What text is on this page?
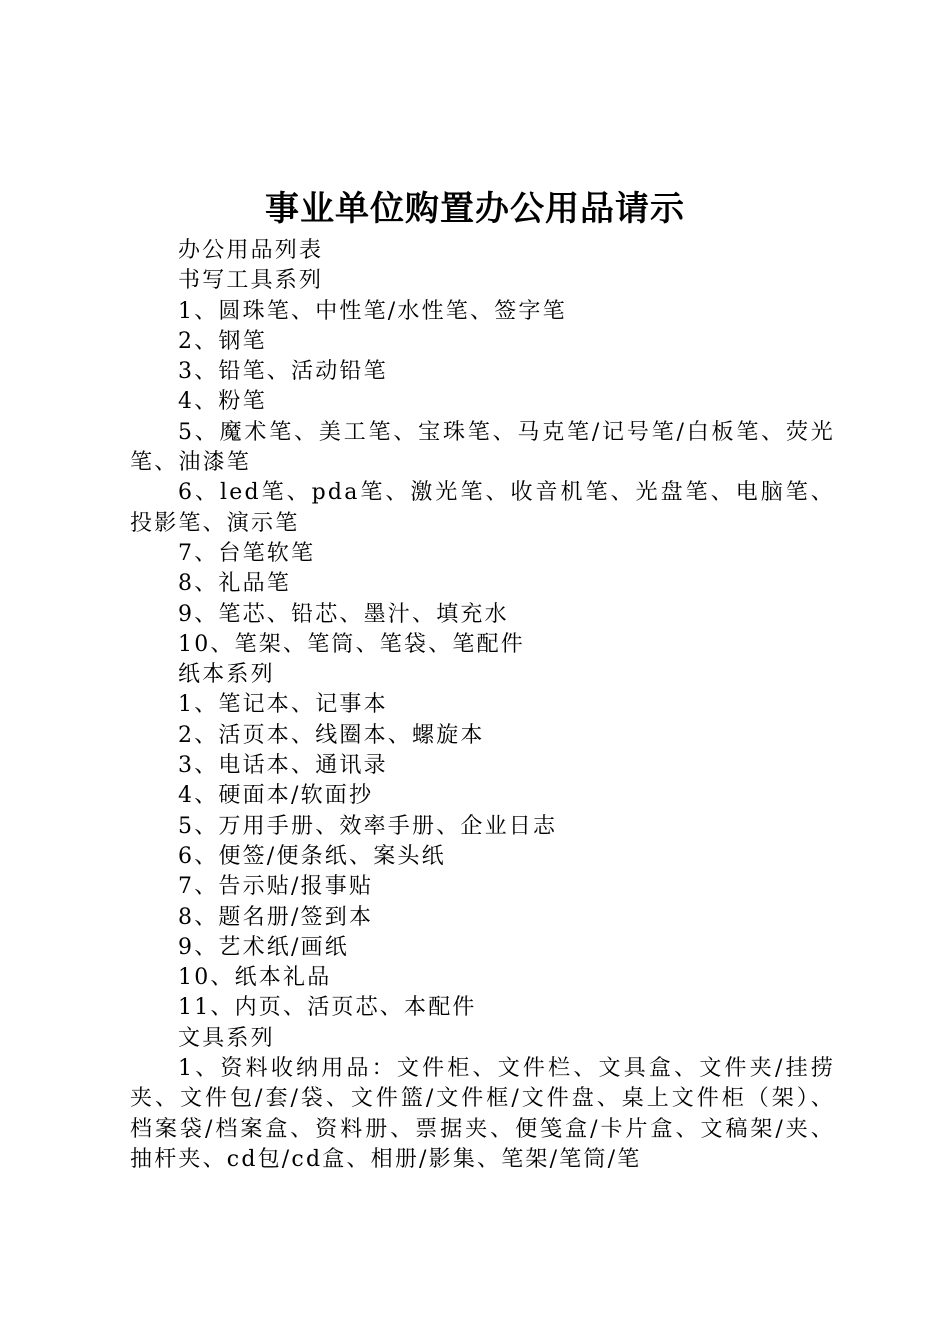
事业单位购置办公用品请示

办公用品列表

书写工具系列

1、圆珠笔、中性笔/水性笔、签字笔

2、钢笔

3、铅笔、活动铅笔

4、粉笔

5、魔术笔、美工笔、宝珠笔、马克笔/记号笔/白板笔、荧光笔、油漆笔

6、led笔、pda笔、激光笔、收音机笔、光盘笔、电脑笔、投影笔、演示笔

7、台笔软笔

8、礼品笔

9、笔芯、铅芯、墨汁、填充水

10、笔架、笔筒、笔袋、笔配件

纸本系列

1、笔记本、记事本

2、活页本、线圈本、螺旋本

3、电话本、通讯录

4、硬面本/软面抄

5、万用手册、效率手册、企业日志

6、便签/便条纸、案头纸

7、告示贴/报事贴

8、题名册/签到本

9、艺术纸/画纸

10、纸本礼品

11、内页、活页芯、本配件

文具系列

1、资料收纳用品：文件柜、文件栏、文具盒、文件夹/挂捞夹、文件包/套/袋、文件篮/文件框/文件盘、桌上文件柜（架）、档案袋/档案盒、资料册、票据夹、便笺盒/卡片盒、文稿架/夹、抽杆夹、cd包/cd盒、相册/影集、笔架/笔筒/笔
